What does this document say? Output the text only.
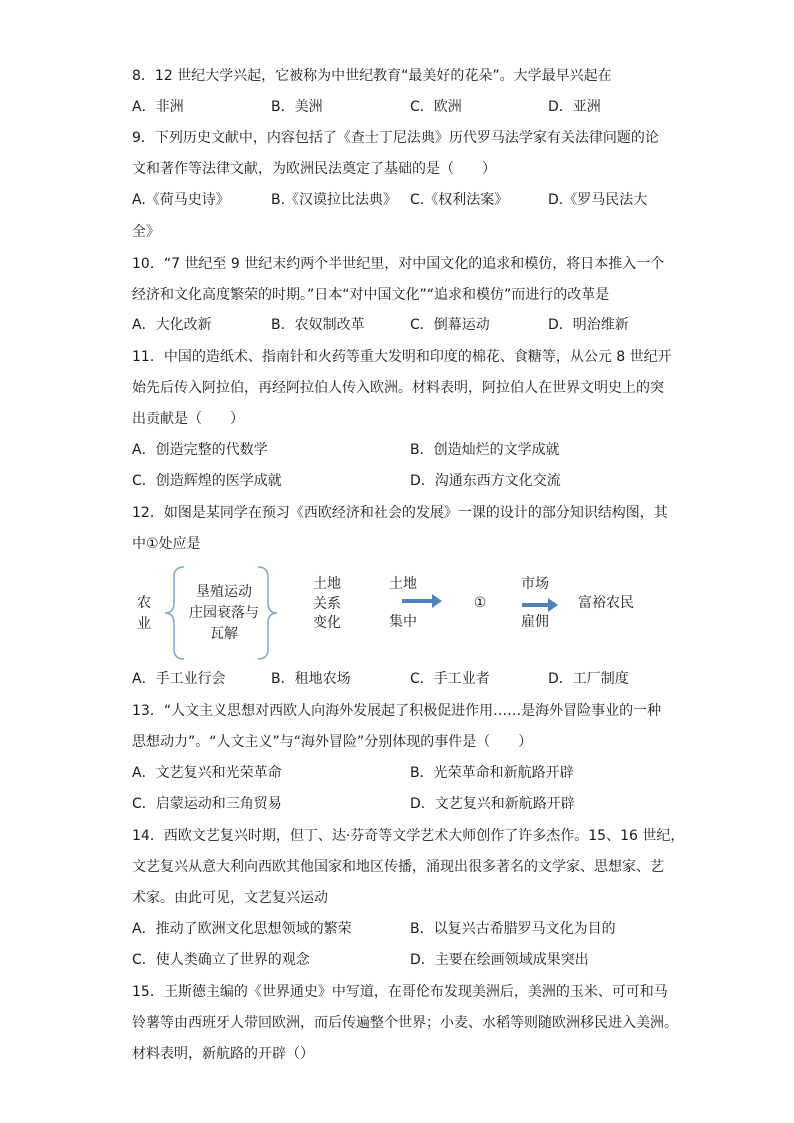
8．12 世纪大学兴起，它被称为中世纪教育“最美好的花朵”。大学最早兴起在
A．非洲	B．美洲	C．欧洲	D．亚洲
9．下列历史文献中，内容包括了《查士丁尼法典》历代罗马法学家有关法律问题的论
文和著作等法律文献，为欧洲民法奠定了基础的是（　　）
A.《荷马史诗》	B.《汉谟拉比法典》 C.《权利法案》	D.《罗马民法大
全》
10．“7 世纪至 9 世纪末约两个半世纪里，对中国文化的追求和模仿，将日本推入一个
经济和文化高度繁荣的时期。”日本“对中国文化”“追求和模仿”而进行的改革是
A．大化改新	B．农奴制改革	C．倒幕运动	D．明治维新
11．中国的造纸术、指南针和火药等重大发明和印度的棉花、食糖等，从公元 8 世纪开
始先后传入阿拉伯，再经阿拉伯人传入欧洲。材料表明，阿拉伯人在世界文明史上的突
出贡献是（　　）
A．创造完整的代数学	B．创造灿烂的文学成就
C．创造辉煌的医学成就	D．沟通东西方文化交流
12．如图是某同学在预习《西欧经济和社会的发展》一课的设计的部分知识结构图，其
中①处应是
农
业
垦殖运动
庄园衰落与
瓦解
土地
关系
变化
土地
集中
①
市场
雇佣
富裕农民
A．手工业行会	B．租地农场	C．手工业者	D．工厂制度
13．“人文主义思想对西欧人向海外发展起了积极促进作用……是海外冒险事业的一种
思想动力”。“人文主义”与“海外冒险”分别体现的事件是（　　）
A．文艺复兴和光荣革命	B．光荣革命和新航路开辟
C．启蒙运动和三角贸易	D．文艺复兴和新航路开辟
14．西欧文艺复兴时期，但丁、达·芬奇等文学艺术大师创作了许多杰作。15、16 世纪，
文艺复兴从意大利向西欧其他国家和地区传播，涌现出很多著名的文学家、思想家、艺
术家。由此可见，文艺复兴运动
A．推动了欧洲文化思想领域的繁荣	B．以复兴古希腊罗马文化为目的
C．使人类确立了世界的观念	D．主要在绘画领域成果突出
15．王斯德主编的《世界通史》中写道，在哥伦布发现美洲后，美洲的玉米、可可和马
铃薯等由西班牙人带回欧洲，而后传遍整个世界；小麦、水稻等则随欧洲移民进入美洲。
材料表明，新航路的开辟（）
